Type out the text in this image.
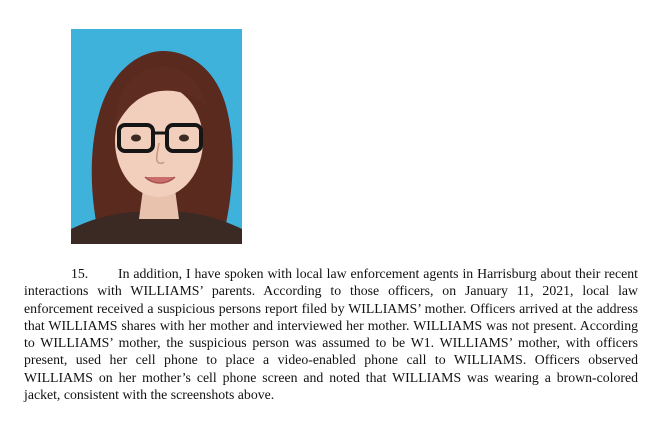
15. In addition, I have spoken with local law enforcement agents in Harrisburg about their recent interactions with WILLIAMS’ parents. According to those officers, on January 11, 2021, local law enforcement received a suspicious persons report filed by WILLIAMS’ mother. Officers arrived at the address that WILLIAMS shares with her mother and interviewed her mother. WILLIAMS was not present. According to WILLIAMS’ mother, the suspicious person was assumed to be W1. WILLIAMS’ mother, with officers present, used her cell phone to place a video-enabled phone call to WILLIAMS. Officers observed WILLIAMS on her mother’s cell phone screen and noted that WILLIAMS was wearing a brown-colored jacket, consistent with the screenshots above.
